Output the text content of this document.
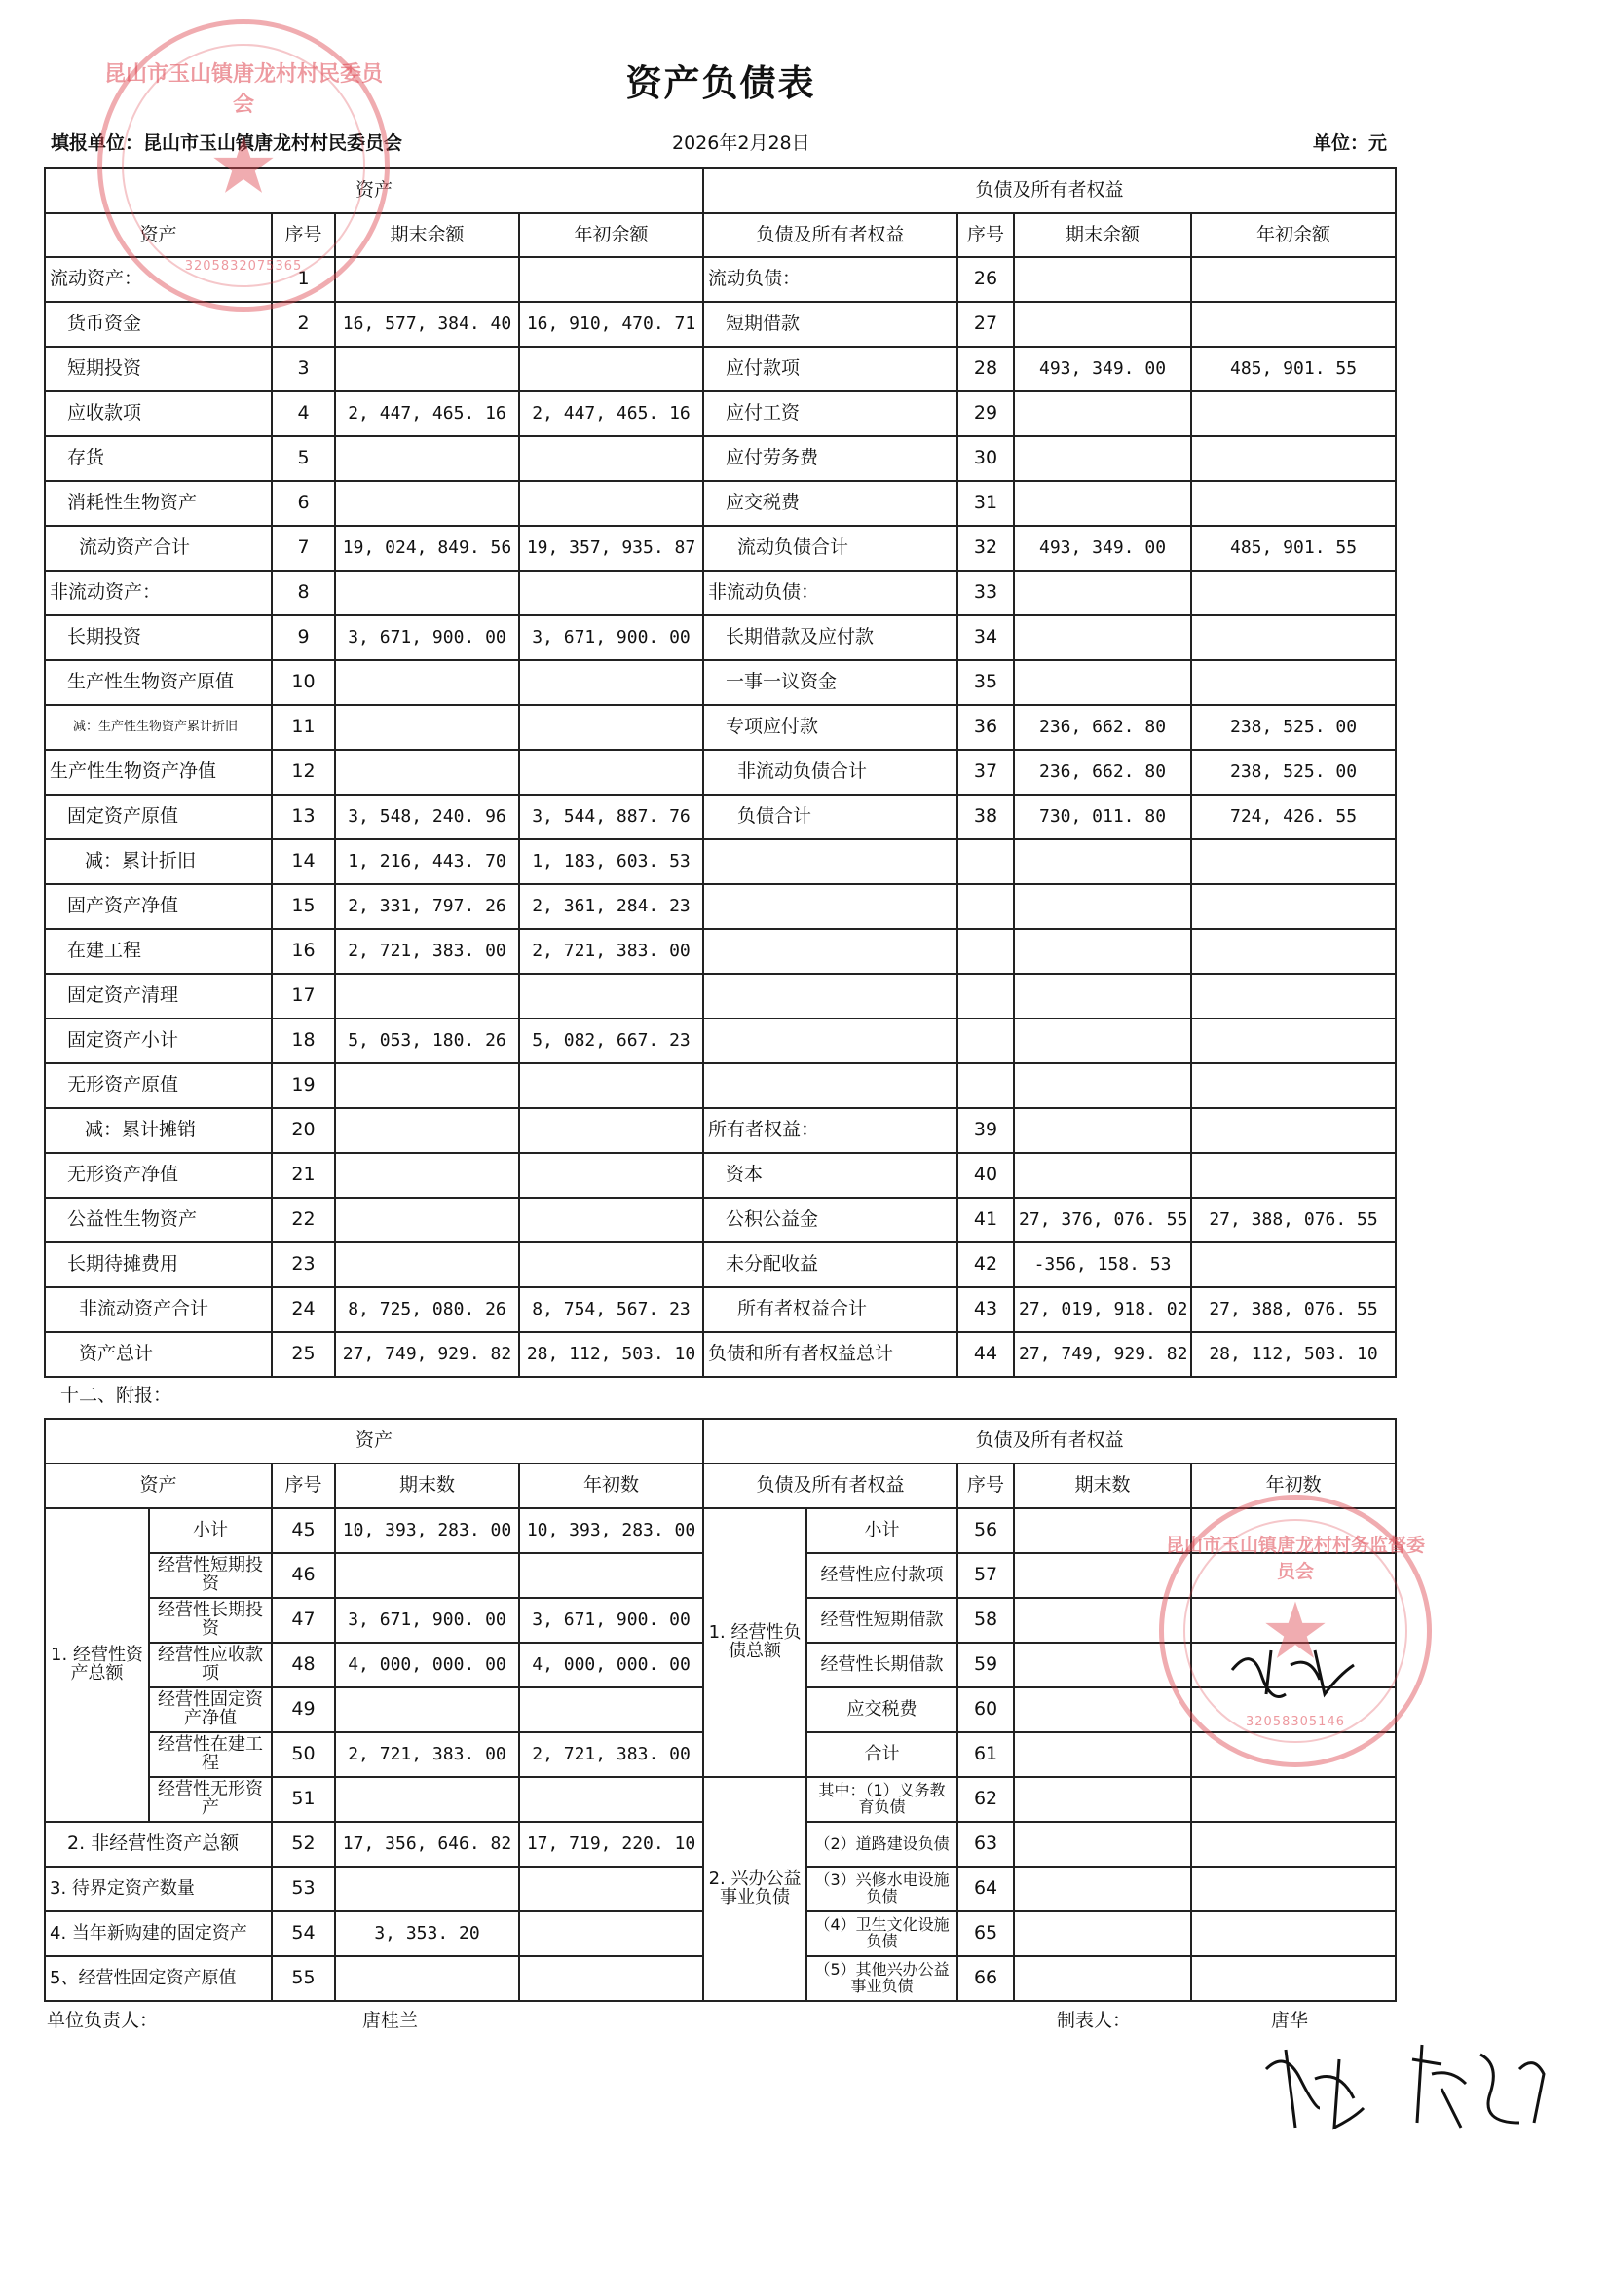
资产负债表
填报单位：昆山市玉山镇唐龙村村民委员会	2026年2月28日	单位：元
资产				负债及所有者权益			
资产	序号	期末余额	年初余额	负债及所有者权益	序号	期末余额	年初余额
流动资产：	1			流动负债：	26		
货币资金	2	16, 577, 384. 40	16, 910, 470. 71	短期借款	27		
短期投资	3			应付款项	28	493, 349. 00	485, 901. 55
应收款项	4	2, 447, 465. 16	2, 447, 465. 16	应付工资	29		
存货	5			应付劳务费	30		
消耗性生物资产	6			应交税费	31		
流动资产合计	7	19, 024, 849. 56	19, 357, 935. 87	流动负债合计	32	493, 349. 00	485, 901. 55
非流动资产：	8			非流动负债：	33		
长期投资	9	3, 671, 900. 00	3, 671, 900. 00	长期借款及应付款	34		
生产性生物资产原值	10			一事一议资金	35		
减：生产性生物资产累计折旧	11			专项应付款	36	236, 662. 80	238, 525. 00
生产性生物资产净值	12			非流动负债合计	37	236, 662. 80	238, 525. 00
固定资产原值	13	3, 548, 240. 96	3, 544, 887. 76	负债合计	38	730, 011. 80	724, 426. 55
减：累计折旧	14	1, 216, 443. 70	1, 183, 603. 53				
固产资产净值	15	2, 331, 797. 26	2, 361, 284. 23				
在建工程	16	2, 721, 383. 00	2, 721, 383. 00				
固定资产清理	17						
固定资产小计	18	5, 053, 180. 26	5, 082, 667. 23				
无形资产原值	19						
减：累计摊销	20			所有者权益：	39		
无形资产净值	21			资本	40		
公益性生物资产	22			公积公益金	41	27, 376, 076. 55	27, 388, 076. 55
长期待摊费用	23			未分配收益	42	-356, 158. 53	
非流动资产合计	24	8, 725, 080. 26	8, 754, 567. 23	所有者权益合计	43	27, 019, 918. 02	27, 388, 076. 55
资产总计	25	27, 749, 929. 82	28, 112, 503. 10	负债和所有者权益总计	44	27, 749, 929. 82	28, 112, 503. 10
十二、附报：
资产					负债及所有者权益				
资产		序号	期末数	年初数	负债及所有者权益		序号	期末数	年初数
1. 经营性资产总额	小计	45	10, 393, 283. 00	10, 393, 283. 00	1. 经营性负债总额	小计	56		
	经营性短期投资	46				经营性应付款项	57		
	经营性长期投资	47	3, 671, 900. 00	3, 671, 900. 00		经营性短期借款	58		
	经营性应收款项	48	4, 000, 000. 00	4, 000, 000. 00		经营性长期借款	59		
	经营性固定资产净值	49				应交税费	60		
	经营性在建工程	50	2, 721, 383. 00	2, 721, 383. 00		合计	61		
	经营性无形资产	51			2. 兴办公益事业负债	其中：（1）义务教育负债	62		
2. 非经营性资产总额		52	17, 356, 646. 82	17, 719, 220. 10		（2）道路建设负债	63		
3. 待界定资产数量		53				（3）兴修水电设施负债	64		
4. 当年新购建的固定资产		54	3, 353. 20			（4）卫生文化设施负债	65		
5、经营性固定资产原值		55				（5）其他兴办公益事业负债	66		
单位负责人：	唐桂兰	制表人：	唐华
★
昆山市玉山镇唐龙村村民委员会
3205832075365
★
昆山市玉山镇唐龙村村务监督委员会
32058305146
